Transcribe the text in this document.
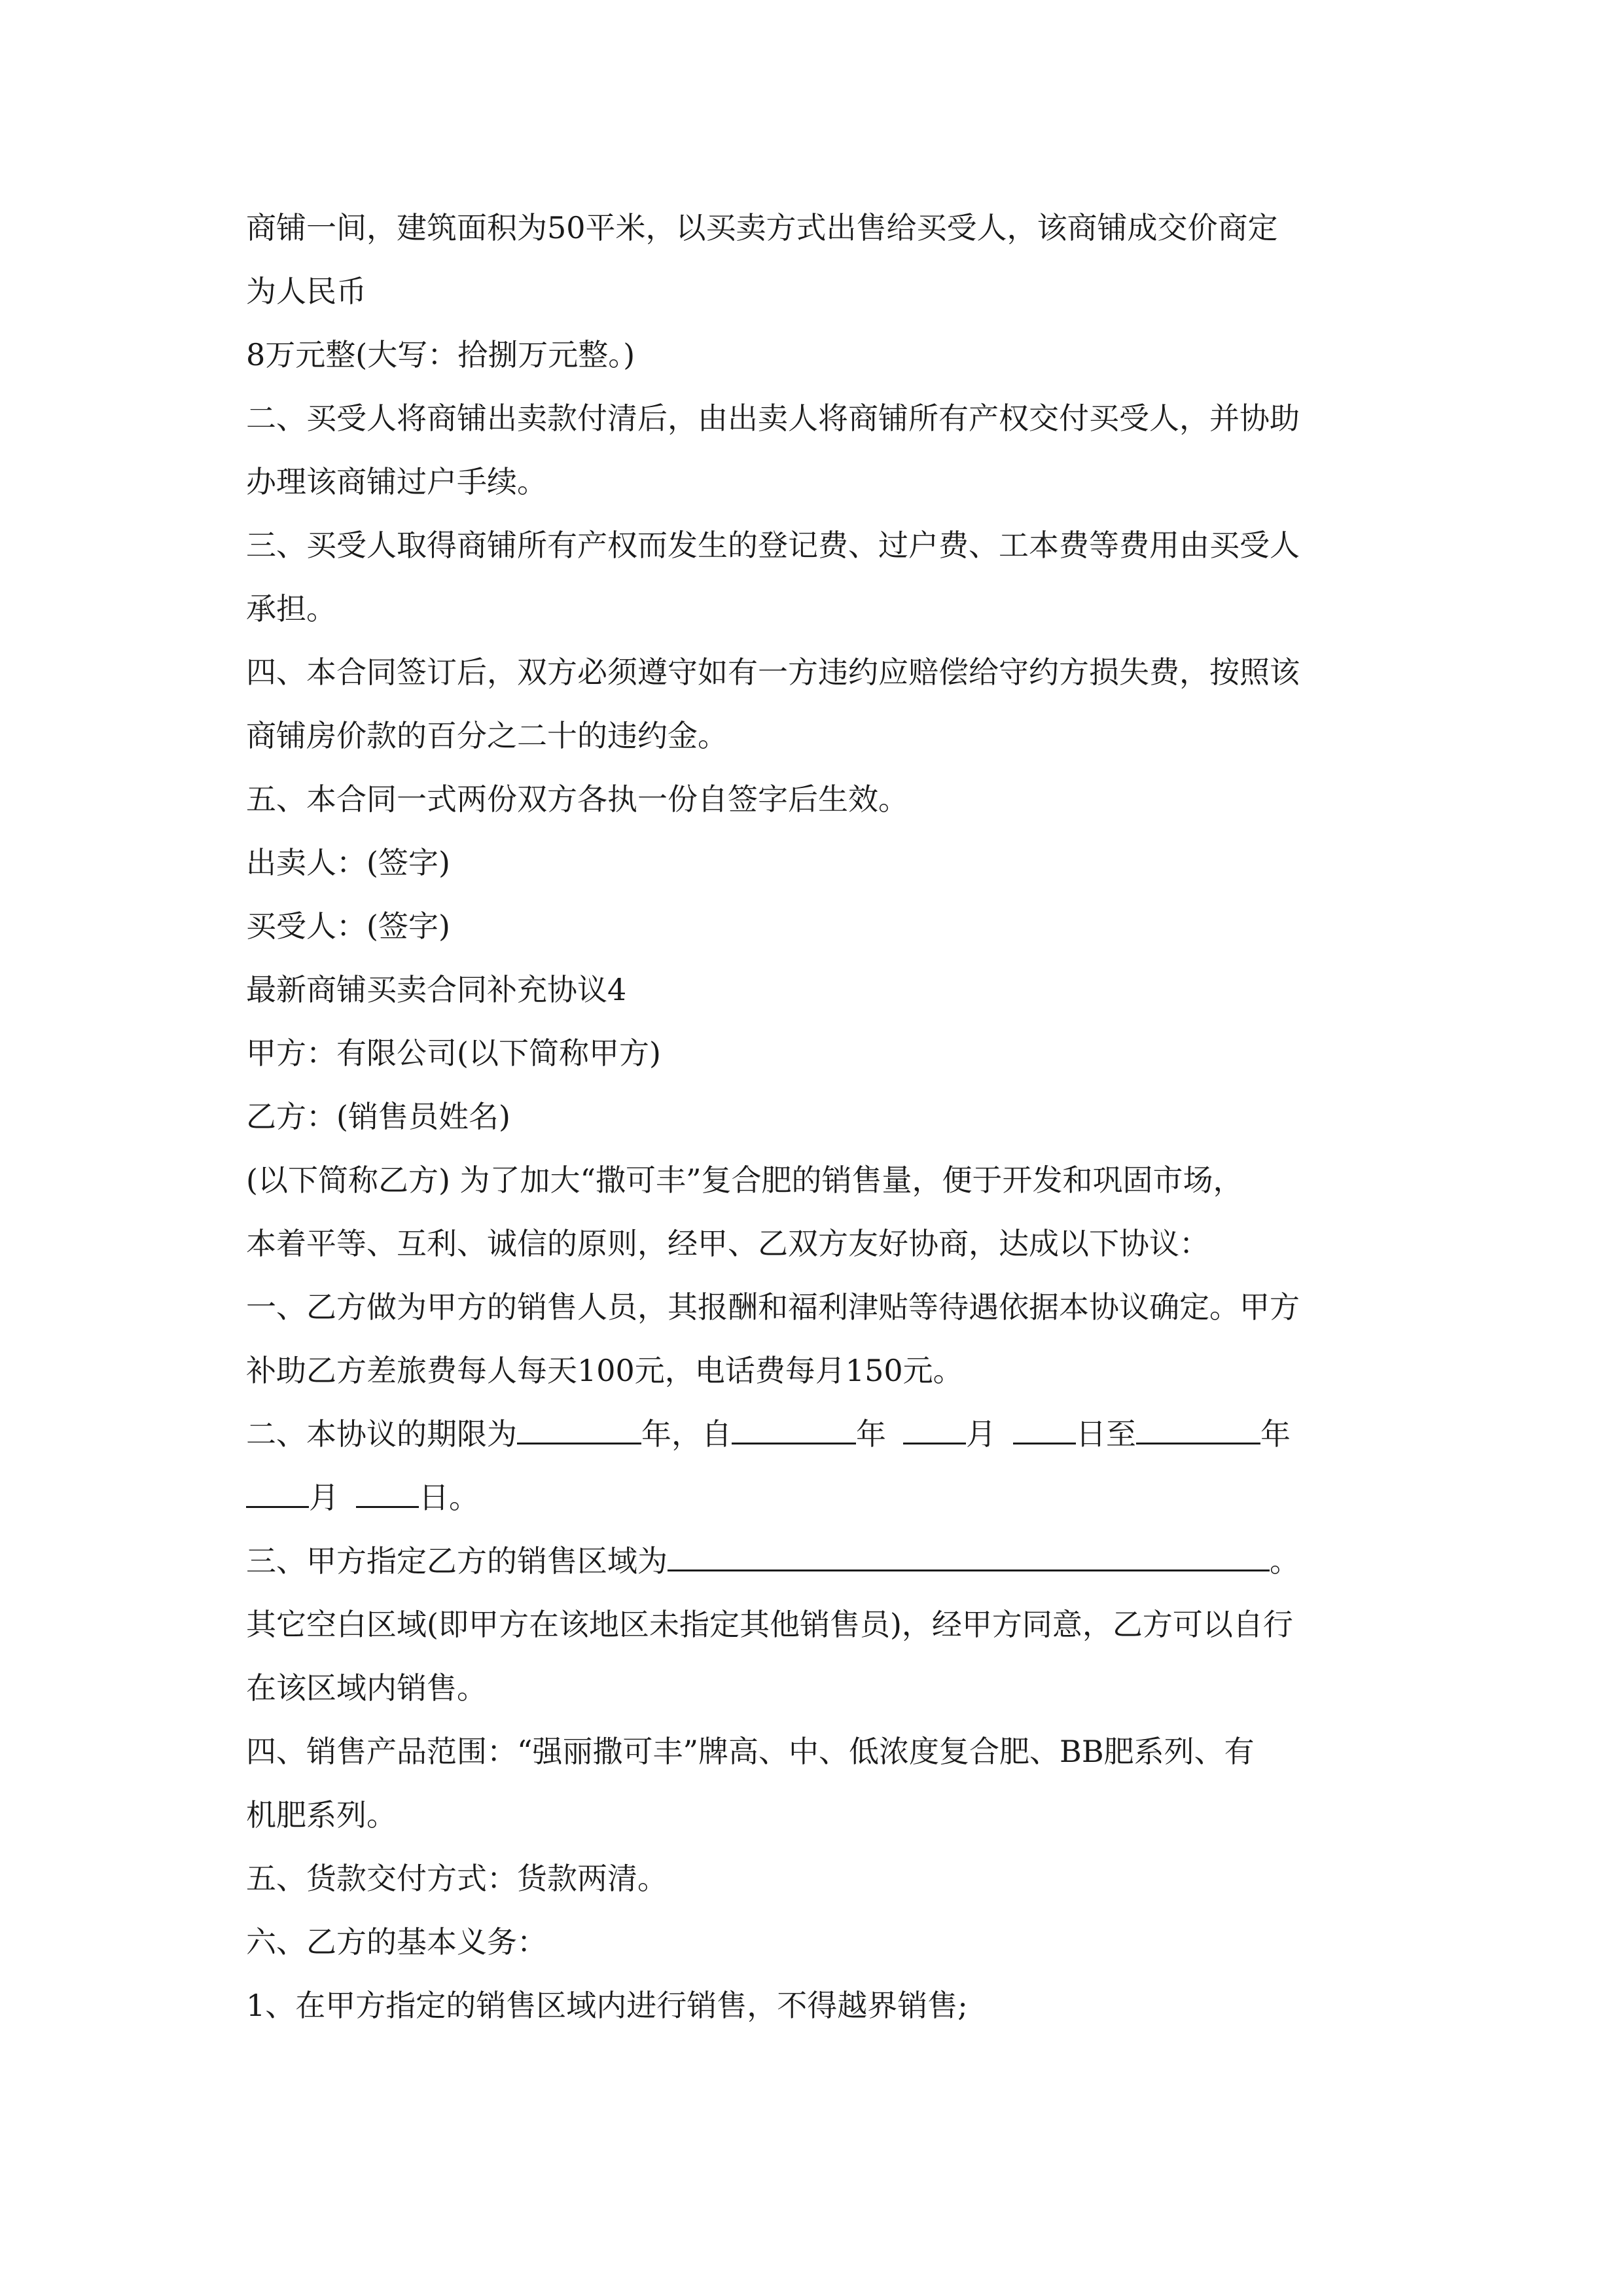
商铺一间，建筑面积为50平米，以买卖方式出售给买受人，该商铺成交价商定
为人民币
8万元整(大写：拾捌万元整。)
二、买受人将商铺出卖款付清后，由出卖人将商铺所有产权交付买受人，并协助
办理该商铺过户手续。
三、买受人取得商铺所有产权而发生的登记费、过户费、工本费等费用由买受人
承担。
四、本合同签订后，双方必须遵守如有一方违约应赔偿给守约方损失费，按照该
商铺房价款的百分之二十的违约金。
五、本合同一式两份双方各执一份自签字后生效。
出卖人：(签字)
买受人：(签字)
最新商铺买卖合同补充协议4
甲方：有限公司(以下简称甲方)
乙方：(销售员姓名)
(以下简称乙方) 为了加大“撒可丰”复合肥的销售量，便于开发和巩固市场，
本着平等、互利、诚信的原则，经甲、乙双方友好协商，达成以下协议：
一、乙方做为甲方的销售人员，其报酬和福利津贴等待遇依据本协议确定。甲方
补助乙方差旅费每人每天100元，电话费每月150元。
二、本协议的期限为	年，自	年	月	日至	年
月	日。
三、甲方指定乙方的销售区域为	。
其它空白区域(即甲方在该地区未指定其他销售员)，经甲方同意，乙方可以自行
在该区域内销售。
四、销售产品范围：“强丽撒可丰”牌高、中、低浓度复合肥、BB肥系列、有
机肥系列。
五、货款交付方式：货款两清。
六、乙方的基本义务：
1、在甲方指定的销售区域内进行销售，不得越界销售;
